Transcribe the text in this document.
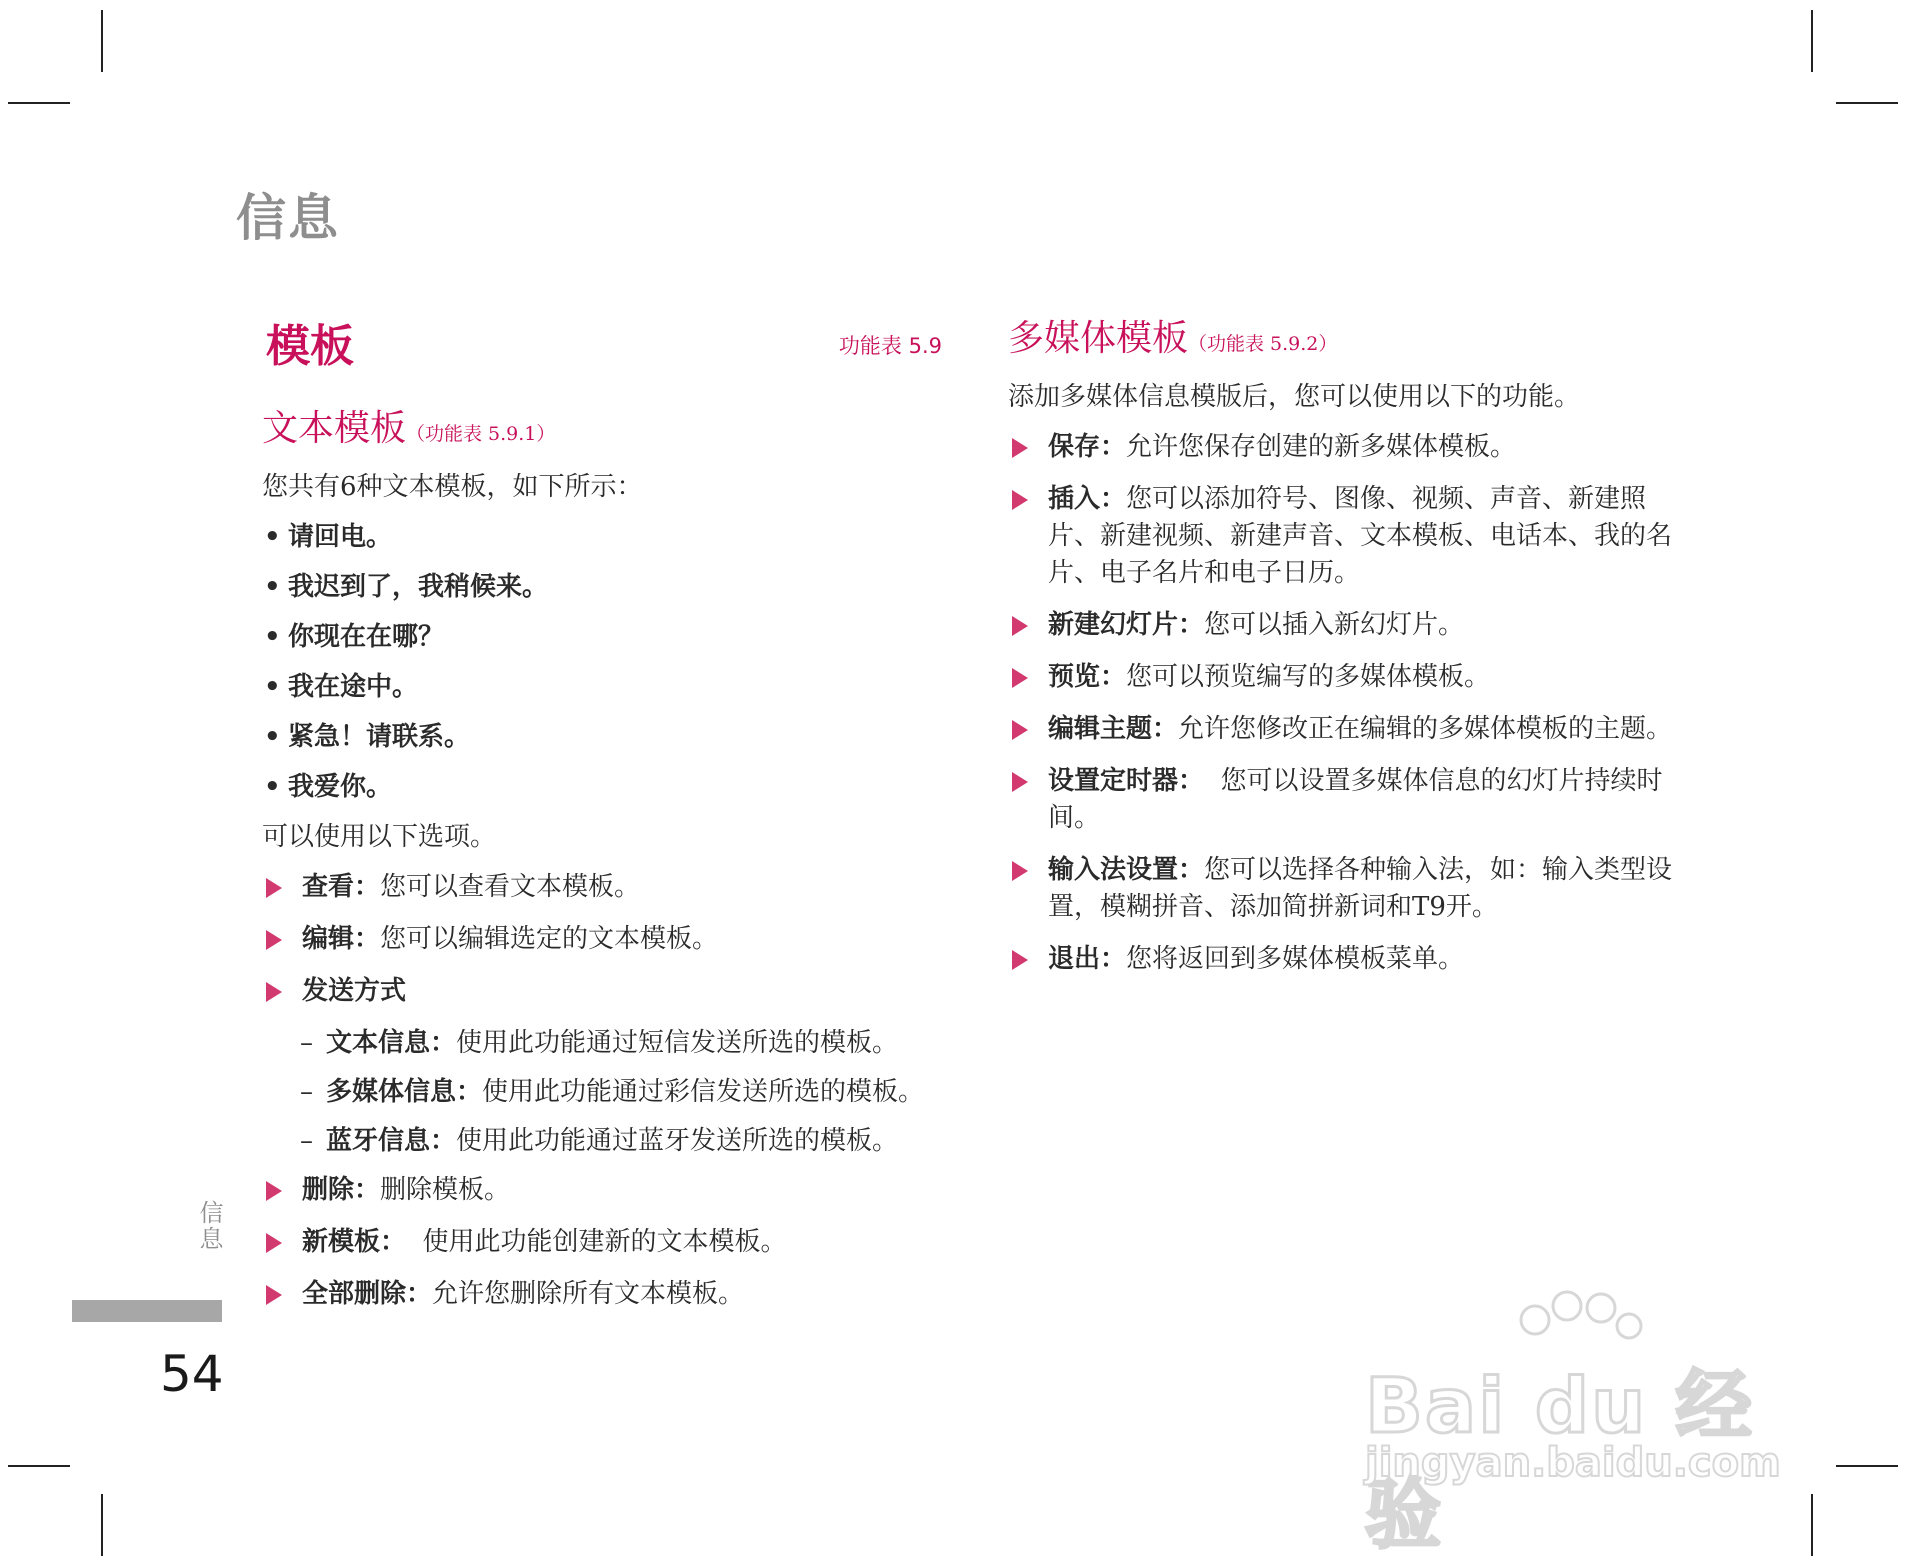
信息
信息
54
模板	功能表 5.9
文本模板（功能表 5.9.1）

您共有6种文本模板，如下所示：

• 请回电。
• 我迟到了，我稍候来。
• 你现在在哪？
• 我在途中。
• 紧急！请联系。
• 我爱你。

可以使用以下选项。

查看：您可以查看文本模板。
编辑：您可以编辑选定的文本模板。
发送方式
– 文本信息：使用此功能通过短信发送所选的模板。
– 多媒体信息：使用此功能通过彩信发送所选的模板。
– 蓝牙信息：使用此功能通过蓝牙发送所选的模板。
删除：删除模板。
新模板： 使用此功能创建新的文本模板。
全部删除：允许您删除所有文本模板。
多媒体模板（功能表 5.9.2）

添加多媒体信息模版后，您可以使用以下的功能。

保存：允许您保存创建的新多媒体模板。
插入：您可以添加符号、图像、视频、声音、新建照片、新建视频、新建声音、文本模板、电话本、我的名片、电子名片和电子日历。
新建幻灯片：您可以插入新幻灯片。
预览：您可以预览编写的多媒体模板。
编辑主题：允许您修改正在编辑的多媒体模板的主题。
设置定时器： 您可以设置多媒体信息的幻灯片持续时间。
输入法设置：您可以选择各种输入法，如：输入类型设置，模糊拼音、添加简拼新词和T9开。
退出：您将返回到多媒体模板菜单。
Bai du 经验
jingyan.baidu.com
